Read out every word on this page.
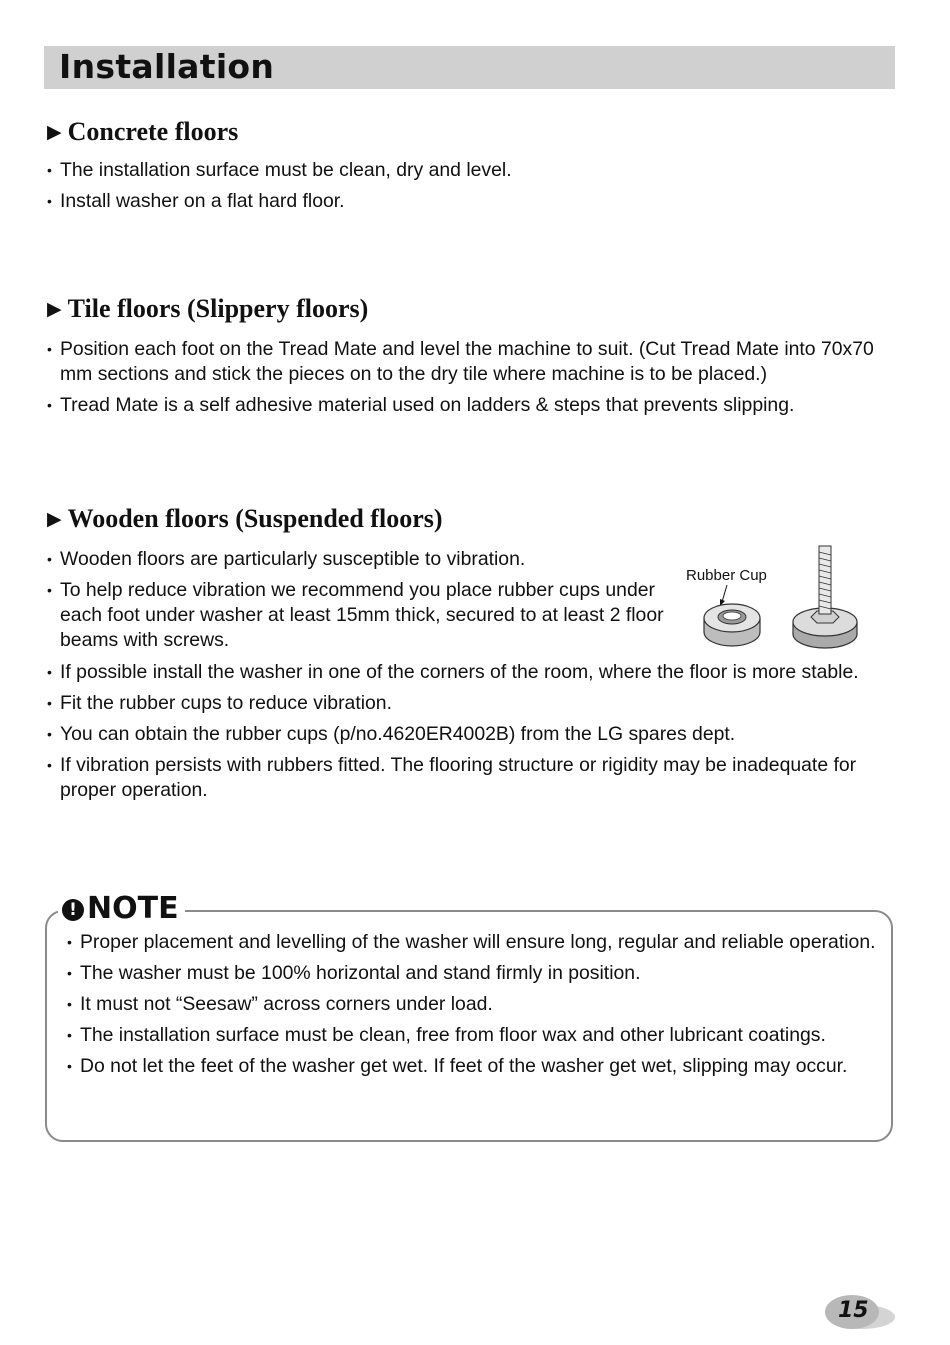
Installation
▶ Concrete floors
• The installation surface must be clean, dry and level.
• Install washer on a flat hard floor.
▶ Tile floors (Slippery floors)
• Position each foot on the Tread Mate and level the machine to suit. (Cut Tread Mate into 70x70 mm sections and stick the pieces on to the dry tile where machine is to be placed.)
• Tread Mate is a self adhesive material used on ladders & steps that prevents slipping.
▶ Wooden floors (Suspended floors)
• Wooden floors are particularly susceptible to vibration.
• To help reduce vibration we recommend you place rubber cups under each foot under washer at least 15mm thick, secured to at least 2 floor beams with screws.
• If possible install the washer in one of the corners of the room, where the floor is more stable.
• Fit the rubber cups to reduce vibration.
• You can obtain the rubber cups (p/no.4620ER4002B) from the LG spares dept.
• If vibration persists with rubbers fitted. The flooring structure or rigidity may be inadequate for proper operation.
Rubber Cup
! NOTE
• Proper placement and levelling of the washer will ensure long, regular and reliable operation.
• The washer must be 100% horizontal and stand firmly in position.
• It must not “Seesaw” across corners under load.
• The installation surface must be clean, free from floor wax and other lubricant coatings.
• Do not let the feet of the washer get wet. If feet of the washer get wet, slipping may occur.
15
